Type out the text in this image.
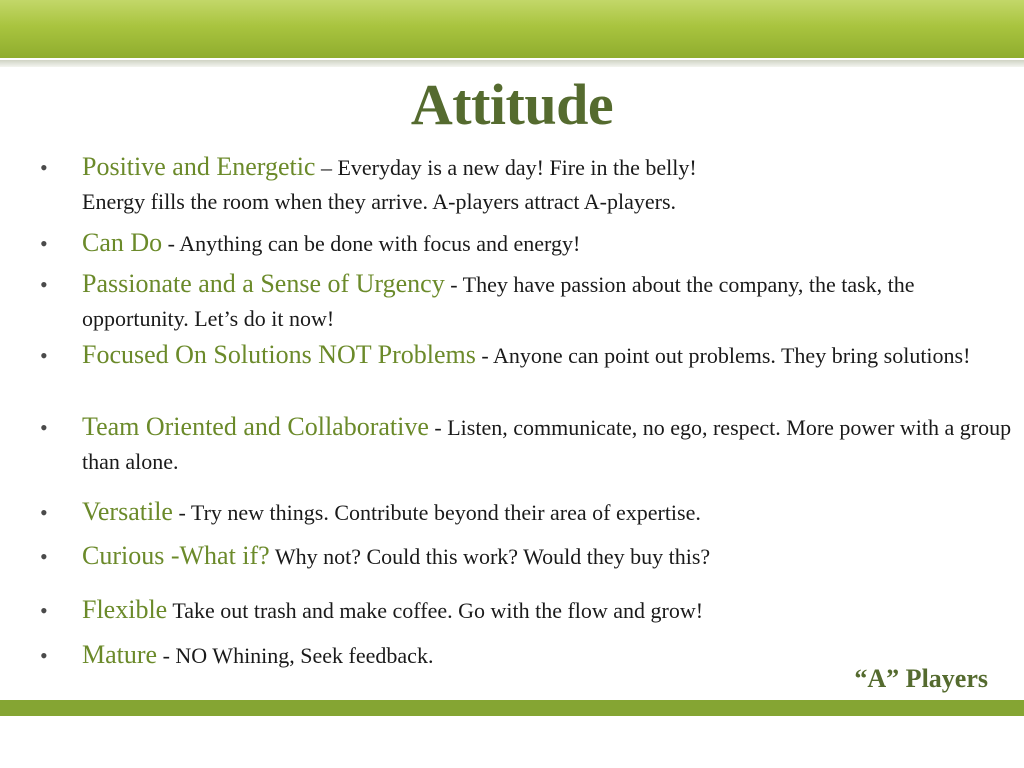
Attitude
• Positive and Energetic – Everyday is a new day! Fire in the belly!
Energy fills the room when they arrive. A-players attract A-players.
• Can Do - Anything can be done with focus and energy!
• Passionate and a Sense of Urgency - They have passion about the company, the task, the opportunity. Let’s do it now!
• Focused On Solutions NOT Problems - Anyone can point out problems. They bring solutions!
• Team Oriented and Collaborative - Listen, communicate, no ego, respect. More power with a group than alone.
• Versatile - Try new things. Contribute beyond their area of expertise.
• Curious -What if? Why not? Could this work? Would they buy this?
• Flexible Take out trash and make coffee. Go with the flow and grow!
• Mature - NO Whining, Seek feedback.
“A” Players
